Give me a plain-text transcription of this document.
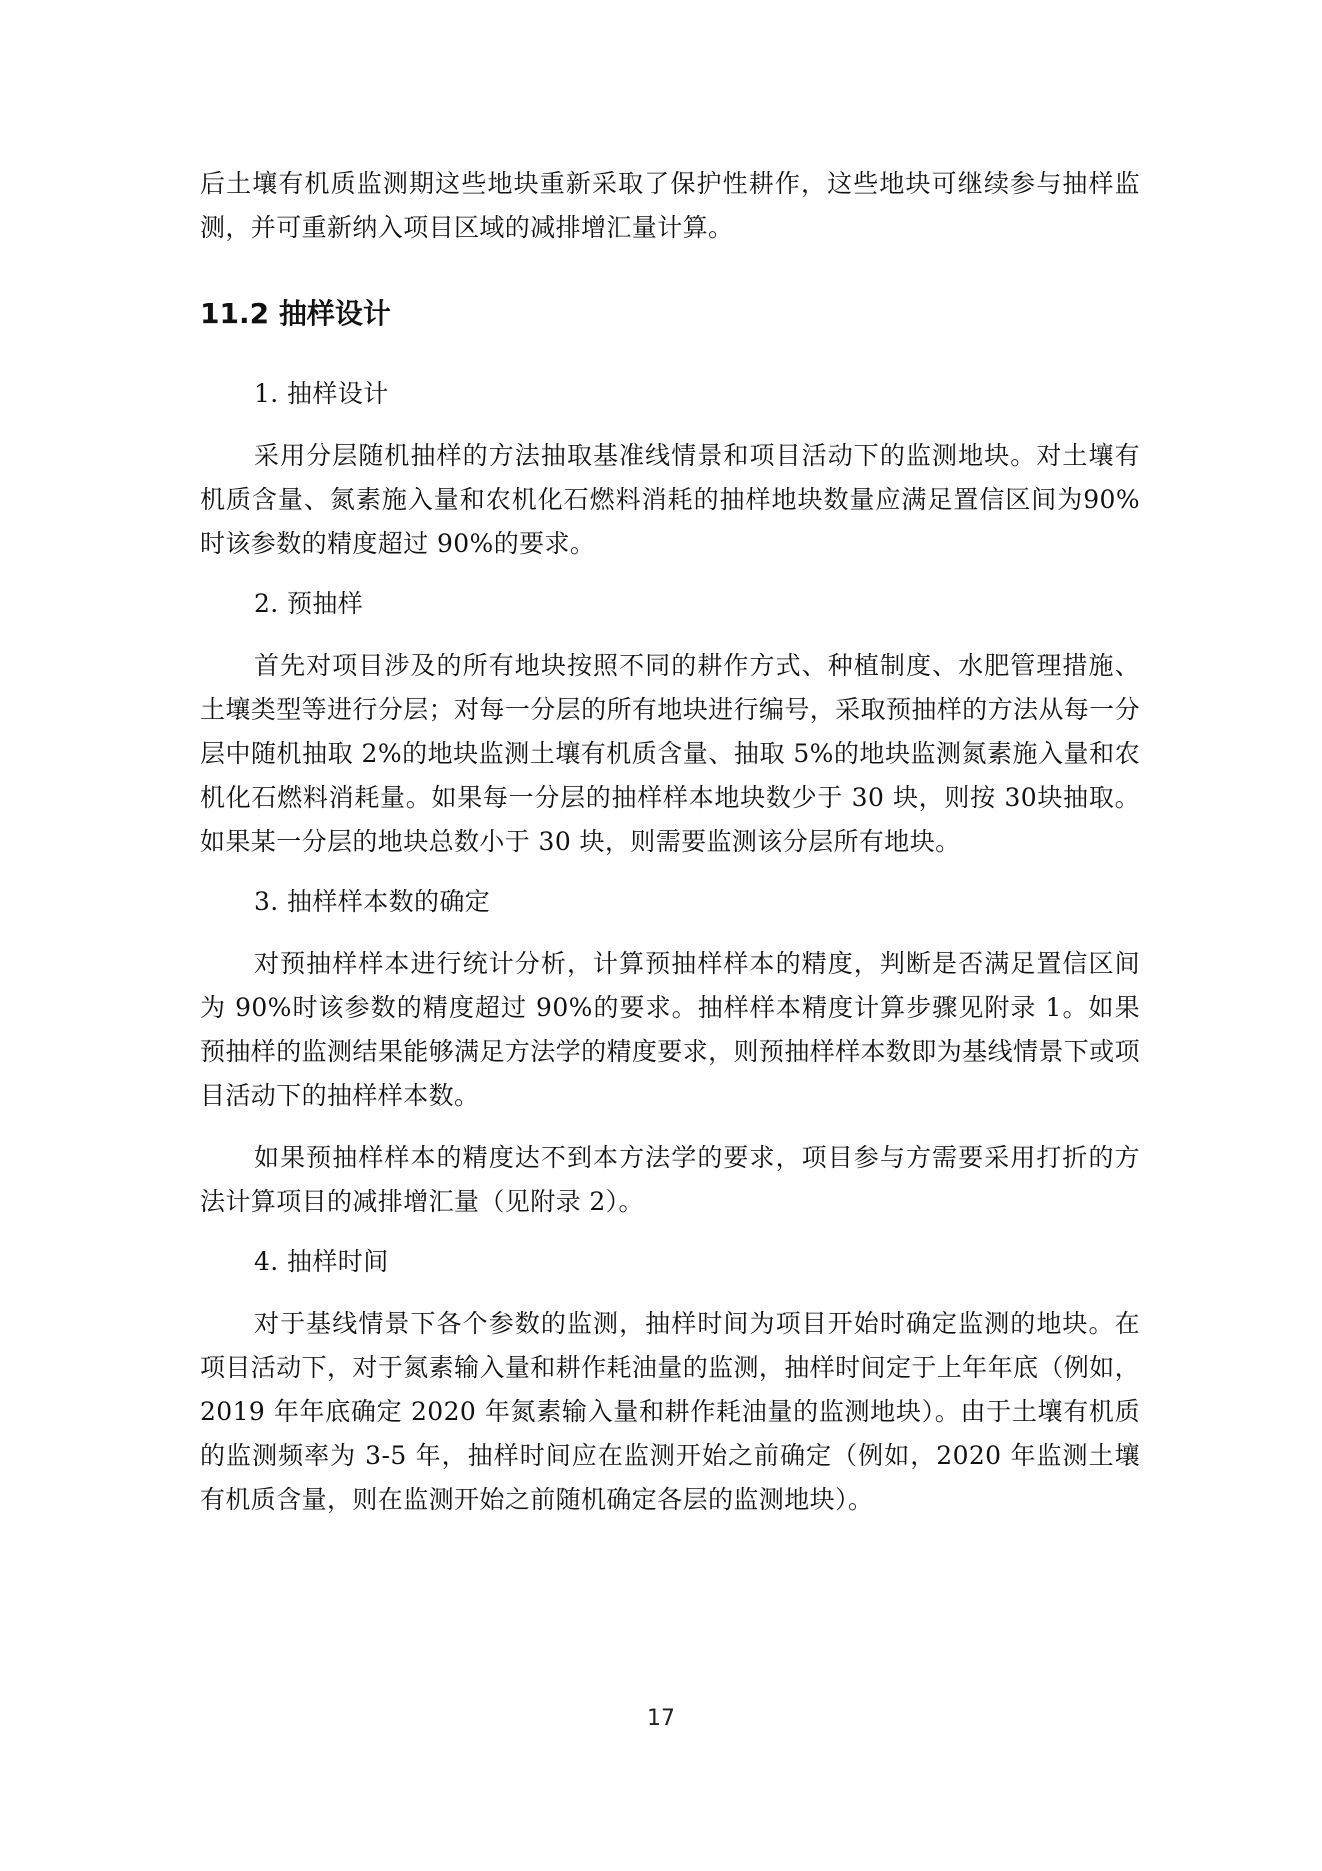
后土壤有机质监测期这些地块重新采取了保护性耕作，这些地块可继续参与抽样监测，并可重新纳入项目区域的减排增汇量计算。

11.2 抽样设计

1. 抽样设计

采用分层随机抽样的方法抽取基准线情景和项目活动下的监测地块。对土壤有机质含量、氮素施入量和农机化石燃料消耗的抽样地块数量应满足置信区间为90%时该参数的精度超过 90%的要求。

2. 预抽样

首先对项目涉及的所有地块按照不同的耕作方式、种植制度、水肥管理措施、土壤类型等进行分层；对每一分层的所有地块进行编号，采取预抽样的方法从每一分层中随机抽取 2%的地块监测土壤有机质含量、抽取 5%的地块监测氮素施入量和农机化石燃料消耗量。如果每一分层的抽样样本地块数少于 30 块，则按 30块抽取。如果某一分层的地块总数小于 30 块，则需要监测该分层所有地块。

3. 抽样样本数的确定

对预抽样样本进行统计分析，计算预抽样样本的精度，判断是否满足置信区间为 90%时该参数的精度超过 90%的要求。抽样样本精度计算步骤见附录 1。如果预抽样的监测结果能够满足方法学的精度要求，则预抽样样本数即为基线情景下或项目活动下的抽样样本数。

如果预抽样样本的精度达不到本方法学的要求，项目参与方需要采用打折的方法计算项目的减排增汇量（见附录 2）。

4. 抽样时间

对于基线情景下各个参数的监测，抽样时间为项目开始时确定监测的地块。在项目活动下，对于氮素输入量和耕作耗油量的监测，抽样时间定于上年年底（例如，2019 年年底确定 2020 年氮素输入量和耕作耗油量的监测地块）。由于土壤有机质的监测频率为 3-5 年，抽样时间应在监测开始之前确定（例如，2020 年监测土壤有机质含量，则在监测开始之前随机确定各层的监测地块）。

17
